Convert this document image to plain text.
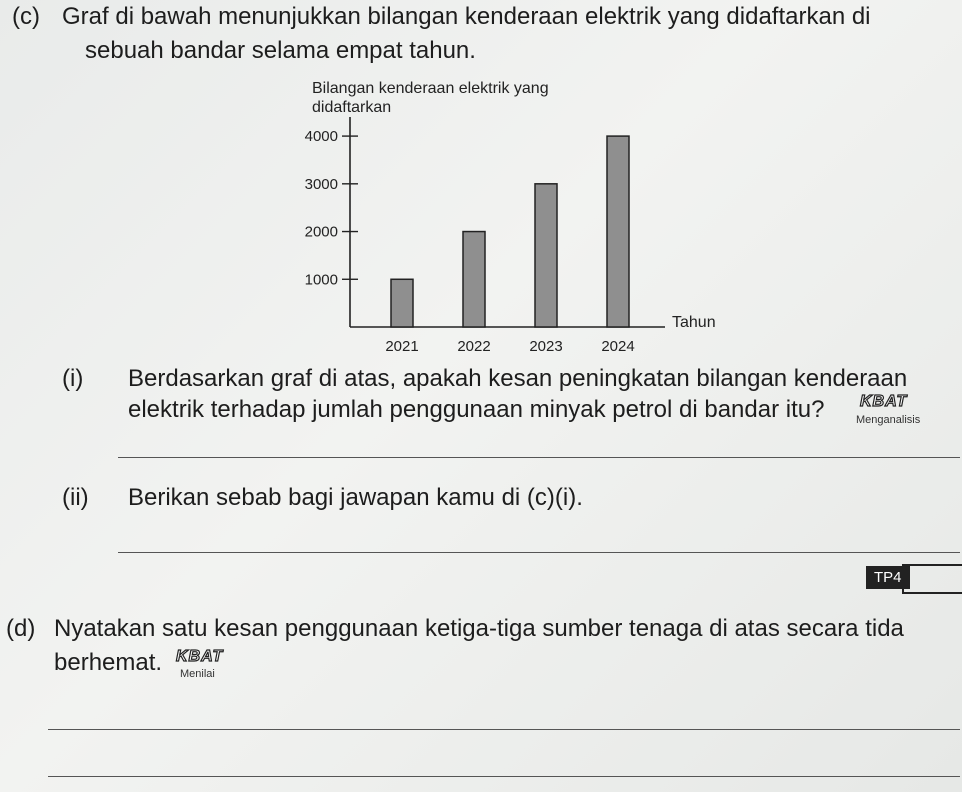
(c) Graf di bawah menunjukkan bilangan kenderaan elektrik yang didaftarkan di
sebuah bandar selama empat tahun.
Bilangan kenderaan elektrik yang
didaftarkan
Tahun
1000
2000
3000
4000
2021	2022	2023	2024
(i) Berdasarkan graf di atas, apakah kesan peningkatan bilangan kenderaan
elektrik terhadap jumlah penggunaan minyak petrol di bandar itu? KBAT
Menganalisis
(ii) Berikan sebab bagi jawapan kamu di (c)(i).
TP4
(d) Nyatakan satu kesan penggunaan ketiga-tiga sumber tenaga di atas secara tida
berhemat. KBAT
Menilai
